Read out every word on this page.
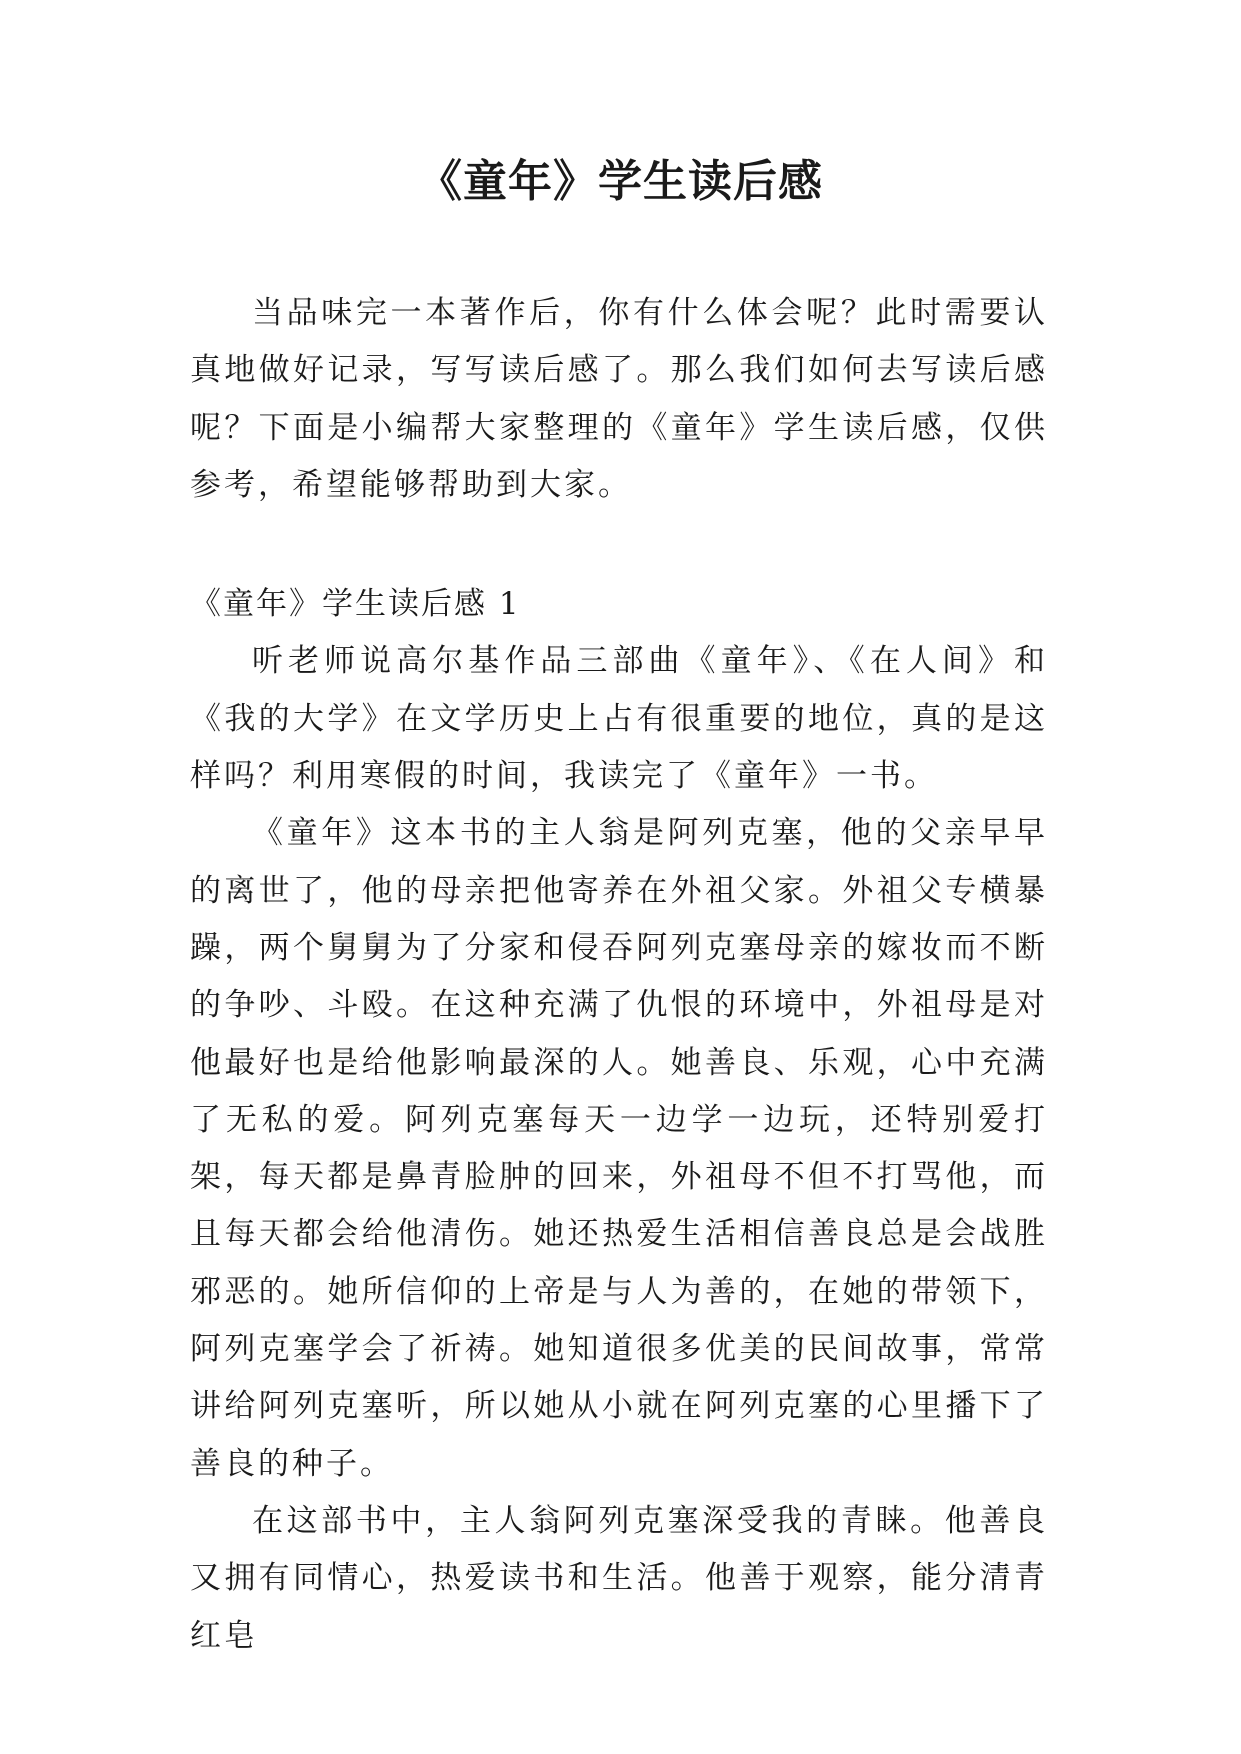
《童年》学生读后感

当品味完一本著作后，你有什么体会呢？此时需要认真地做好记录，写写读后感了。那么我们如何去写读后感呢？下面是小编帮大家整理的《童年》学生读后感，仅供参考，希望能够帮助到大家。

《童年》学生读后感 1

听老师说高尔基作品三部曲《童年》、《在人间》和《我的大学》在文学历史上占有很重要的地位，真的是这样吗？利用寒假的时间，我读完了《童年》一书。

《童年》这本书的主人翁是阿列克塞，他的父亲早早的离世了，他的母亲把他寄养在外祖父家。外祖父专横暴躁，两个舅舅为了分家和侵吞阿列克塞母亲的嫁妆而不断的争吵、斗殴。在这种充满了仇恨的环境中，外祖母是对他最好也是给他影响最深的人。她善良、乐观，心中充满了无私的爱。阿列克塞每天一边学一边玩，还特别爱打架，每天都是鼻青脸肿的回来，外祖母不但不打骂他，而且每天都会给他清伤。她还热爱生活相信善良总是会战胜邪恶的。她所信仰的上帝是与人为善的，在她的带领下，阿列克塞学会了祈祷。她知道很多优美的民间故事，常常讲给阿列克塞听，所以她从小就在阿列克塞的心里播下了善良的种子。

在这部书中，主人翁阿列克塞深受我的青睐。他善良又拥有同情心，热爱读书和生活。他善于观察，能分清青红皂
